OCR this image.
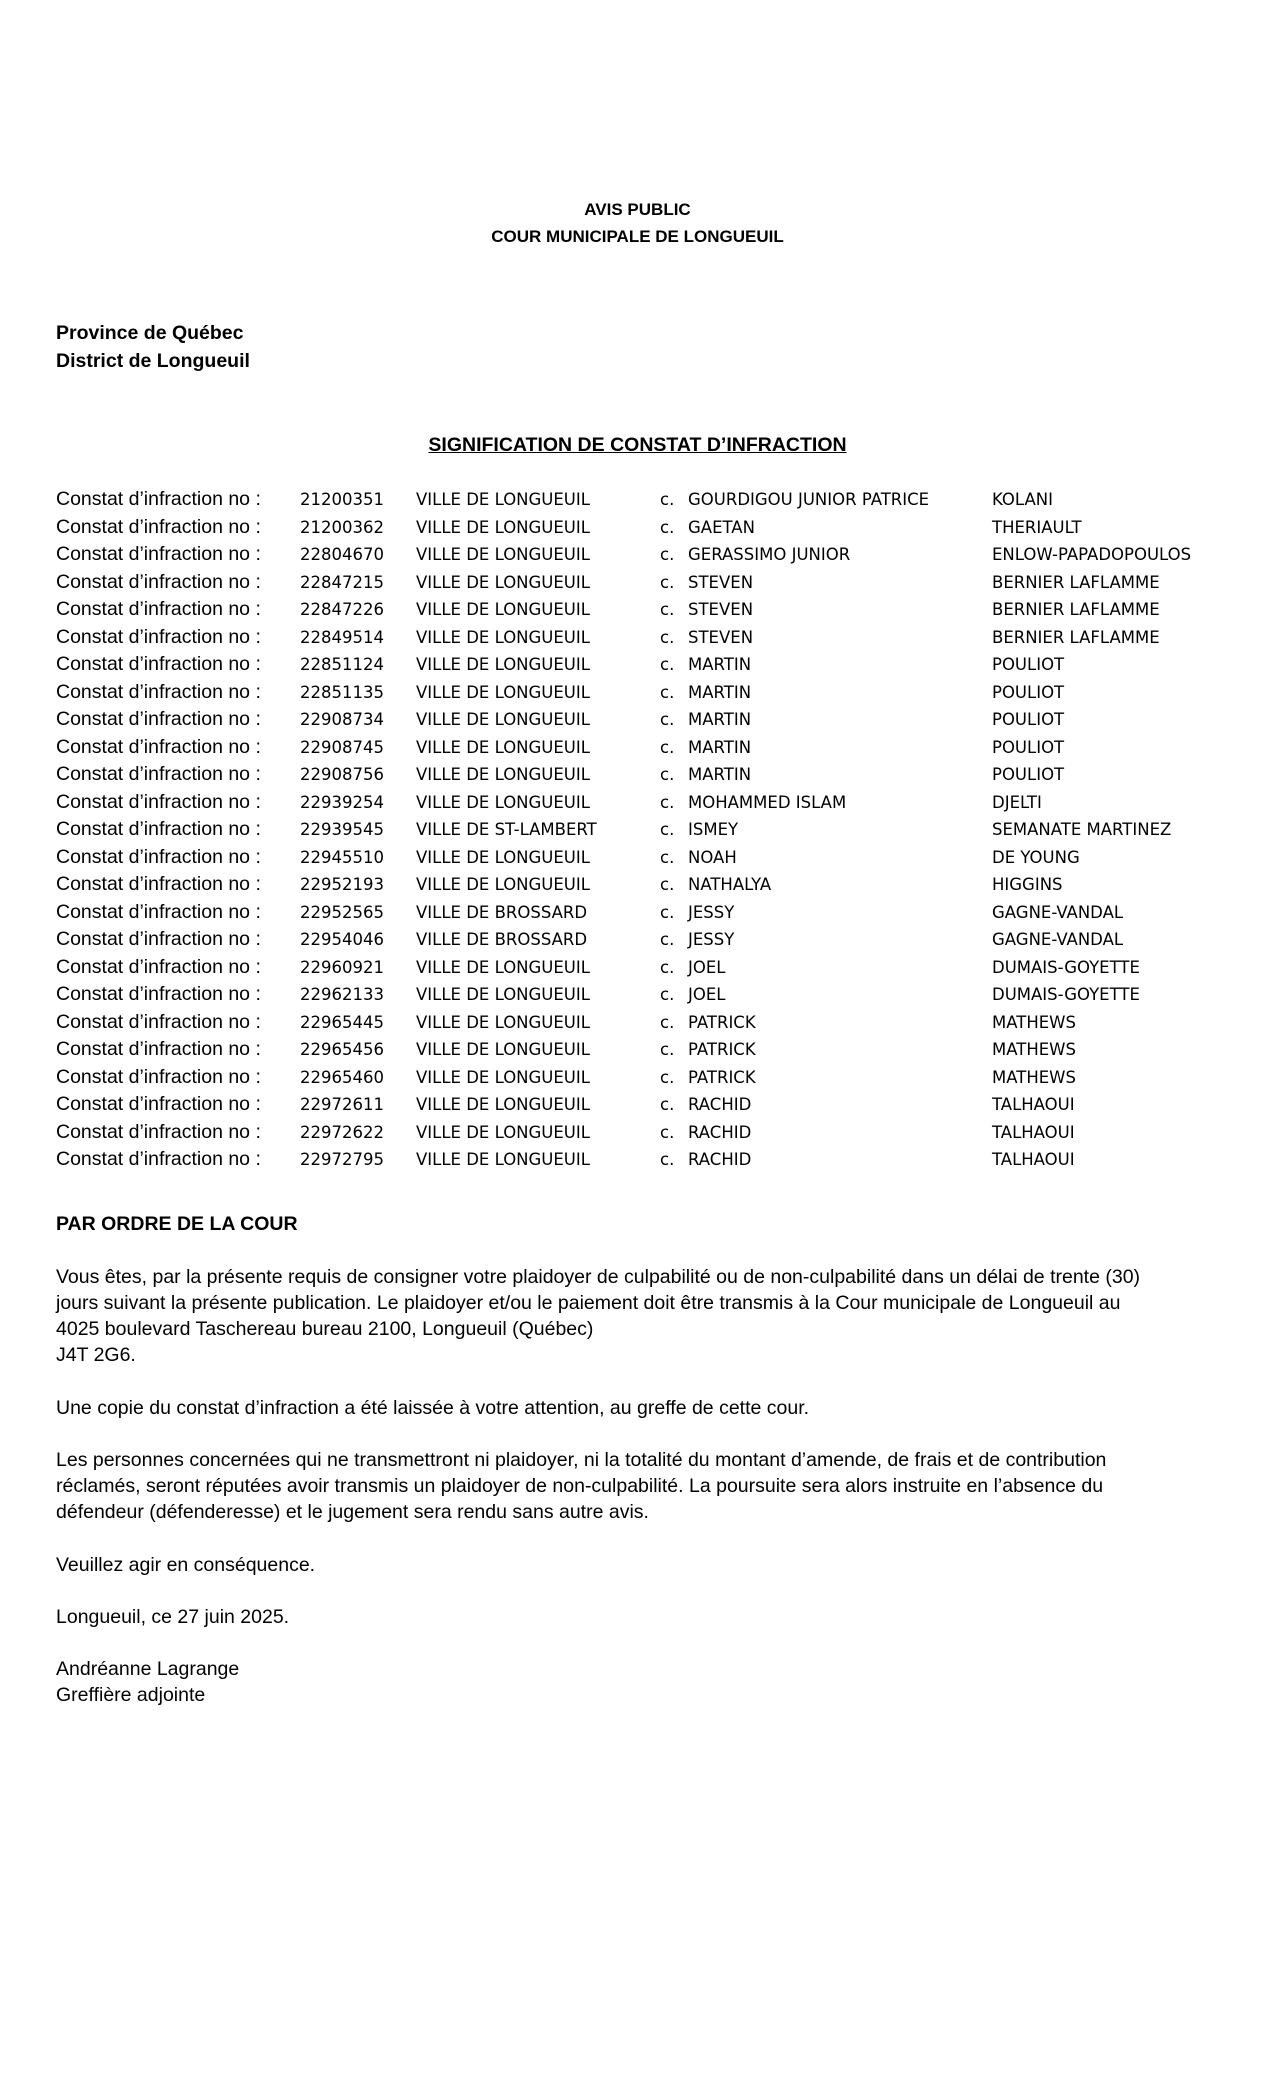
AVIS PUBLIC
COUR MUNICIPALE DE LONGUEUIL
Province de Québec
District de Longueuil
SIGNIFICATION DE CONSTAT D’INFRACTION
Constat d’infraction no : 21200351 VILLE DE LONGUEUIL	c. GOURDIGOU JUNIOR PATRICE	KOLANI
Constat d’infraction no : 21200362 VILLE DE LONGUEUIL	c. GAETAN	THERIAULT
Constat d’infraction no : 22804670 VILLE DE LONGUEUIL	c. GERASSIMO JUNIOR	ENLOW-PAPADOPOULOS
Constat d’infraction no : 22847215 VILLE DE LONGUEUIL	c. STEVEN	BERNIER LAFLAMME
Constat d’infraction no : 22847226 VILLE DE LONGUEUIL	c. STEVEN	BERNIER LAFLAMME
Constat d’infraction no : 22849514 VILLE DE LONGUEUIL	c. STEVEN	BERNIER LAFLAMME
Constat d’infraction no : 22851124 VILLE DE LONGUEUIL	c. MARTIN	POULIOT
Constat d’infraction no : 22851135 VILLE DE LONGUEUIL	c. MARTIN	POULIOT
Constat d’infraction no : 22908734 VILLE DE LONGUEUIL	c. MARTIN	POULIOT
Constat d’infraction no : 22908745 VILLE DE LONGUEUIL	c. MARTIN	POULIOT
Constat d’infraction no : 22908756 VILLE DE LONGUEUIL	c. MARTIN	POULIOT
Constat d’infraction no : 22939254 VILLE DE LONGUEUIL	c. MOHAMMED ISLAM	DJELTI
Constat d’infraction no : 22939545 VILLE DE ST-LAMBERT	c. ISMEY	SEMANATE MARTINEZ
Constat d’infraction no : 22945510 VILLE DE LONGUEUIL	c. NOAH	DE YOUNG
Constat d’infraction no : 22952193 VILLE DE LONGUEUIL	c. NATHALYA	HIGGINS
Constat d’infraction no : 22952565 VILLE DE BROSSARD	c. JESSY	GAGNE-VANDAL
Constat d’infraction no : 22954046 VILLE DE BROSSARD	c. JESSY	GAGNE-VANDAL
Constat d’infraction no : 22960921 VILLE DE LONGUEUIL	c. JOEL	DUMAIS-GOYETTE
Constat d’infraction no : 22962133 VILLE DE LONGUEUIL	c. JOEL	DUMAIS-GOYETTE
Constat d’infraction no : 22965445 VILLE DE LONGUEUIL	c. PATRICK	MATHEWS
Constat d’infraction no : 22965456 VILLE DE LONGUEUIL	c. PATRICK	MATHEWS
Constat d’infraction no : 22965460 VILLE DE LONGUEUIL	c. PATRICK	MATHEWS
Constat d’infraction no : 22972611 VILLE DE LONGUEUIL	c. RACHID	TALHAOUI
Constat d’infraction no : 22972622 VILLE DE LONGUEUIL	c. RACHID	TALHAOUI
Constat d’infraction no : 22972795 VILLE DE LONGUEUIL	c. RACHID	TALHAOUI
PAR ORDRE DE LA COUR
Vous êtes, par la présente requis de consigner votre plaidoyer de culpabilité ou de non-culpabilité dans un délai de trente (30)
jours suivant la présente publication. Le plaidoyer et/ou le paiement doit être transmis à la Cour municipale de Longueuil au
4025 boulevard Taschereau bureau 2100, Longueuil (Québec)
J4T 2G6.
Une copie du constat d’infraction a été laissée à votre attention, au greffe de cette cour.
Les personnes concernées qui ne transmettront ni plaidoyer, ni la totalité du montant d’amende, de frais et de contribution
réclamés, seront réputées avoir transmis un plaidoyer de non-culpabilité. La poursuite sera alors instruite en l’absence du
défendeur (défenderesse) et le jugement sera rendu sans autre avis.
Veuillez agir en conséquence.
Longueuil, ce 27 juin 2025.
Andréanne Lagrange
Greffière adjointe
